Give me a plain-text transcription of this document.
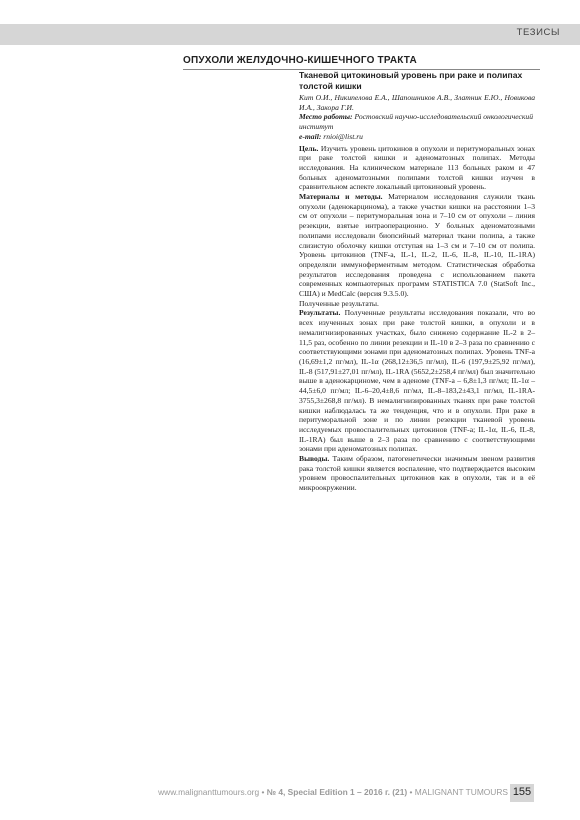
ТЕЗИСЫ
ОПУХОЛИ ЖЕЛУДОЧНО-КИШЕЧНОГО ТРАКТА
Тканевой цитокиновый уровень при раке и полипах толстой кишки
Кит О.И., Никипелова Е.А., Шапошников А.В., Златник Е.Ю., Новикова И.А., Закора Г.И.
Место работы: Ростовский научно-исследовательский онкологический институт
e-mail: rnioi@list.ru

Цель. Изучить уровень цитокинов в опухоли и перитуморальных зонах при раке толстой кишки и аденоматозных полипах. Методы исследования. На клиническом материале 113 больных раком и 47 больных аденоматозными полипами толстой кишки изучен в сравнительном аспекте локальный цитокиновый уровень.

Материалы и методы. Материалом исследования служили ткань опухоли (аденокарцинома), а также участки кишки на расстоянии 1–3 см от опухоли – перитуморальная зона и 7–10 см от опухоли – линия резекции, взятые интраоперационно. У больных аденоматозными полипами исследовали биопсийный материал ткани полипа, а также слизистую оболочку кишки отступая на 1–3 см и 7–10 см от полипа. Уровень цитокинов (TNF-a, IL-1, IL-2, IL-6, IL-8, IL-10, IL-1RA) определяли иммуноферментным методом. Статистическая обработка результатов исследования проведена с использованием пакета современных компьютерных программ STATISTICA 7.0 (StatSoft Inc., США) и MedCalc (версия 9.3.5.0).

Полученные результаты.

Результаты. Полученные результаты исследования показали, что во всех изученных зонах при раке толстой кишки, в опухоли и в немалигнизированных участках, было снижено содержание IL-2 в 2–11,5 раз, особенно по линии резекции и IL-10 в 2–3 раза по сравнению с соответствующими зонами при аденоматозных полипах. Уровень TNF-a (16,69±1,2 пг/мл), IL-1α (268,12±36,5 пг/мл), IL-6 (197,9±25,92 пг/мл), IL-8 (517,91±27,01 пг/мл), IL-1RA (5652,2±258,4 пг/мл) был значительно выше в аденокарциноме, чем в аденоме (TNF-a – 6,8±1,3 пг/мл; IL-1α – 44,5±6,0 пг/мл; IL-6–20,4±8,6 пг/мл, IL-8–183,2±43,1 пг/мл, IL-1RA-3755,3±268,8 пг/мл). В немалигнизированных тканях при раке толстой кишки наблюдалась та же тенденция, что и в опухоли. При раке в перитуморальной зоне и по линии резекции тканевой уровень исследуемых провоспалительных цитокинов (TNF-a; IL-1α, IL-6, IL-8, IL-1RA) был выше в 2–3 раза по сравнению с соответствующими зонами при аденоматозных полипах.

Выводы. Таким образом, патогенетически значимым звеном развития рака толстой кишки является воспаление, что подтверждается высоким уровнем провоспалительных цитокинов как в опухоли, так и в её микроокружении.

www.malignanttumours.org • № 4, Special Edition 1 – 2016 г. (21) • MALIGNANT TUMOURS 155
